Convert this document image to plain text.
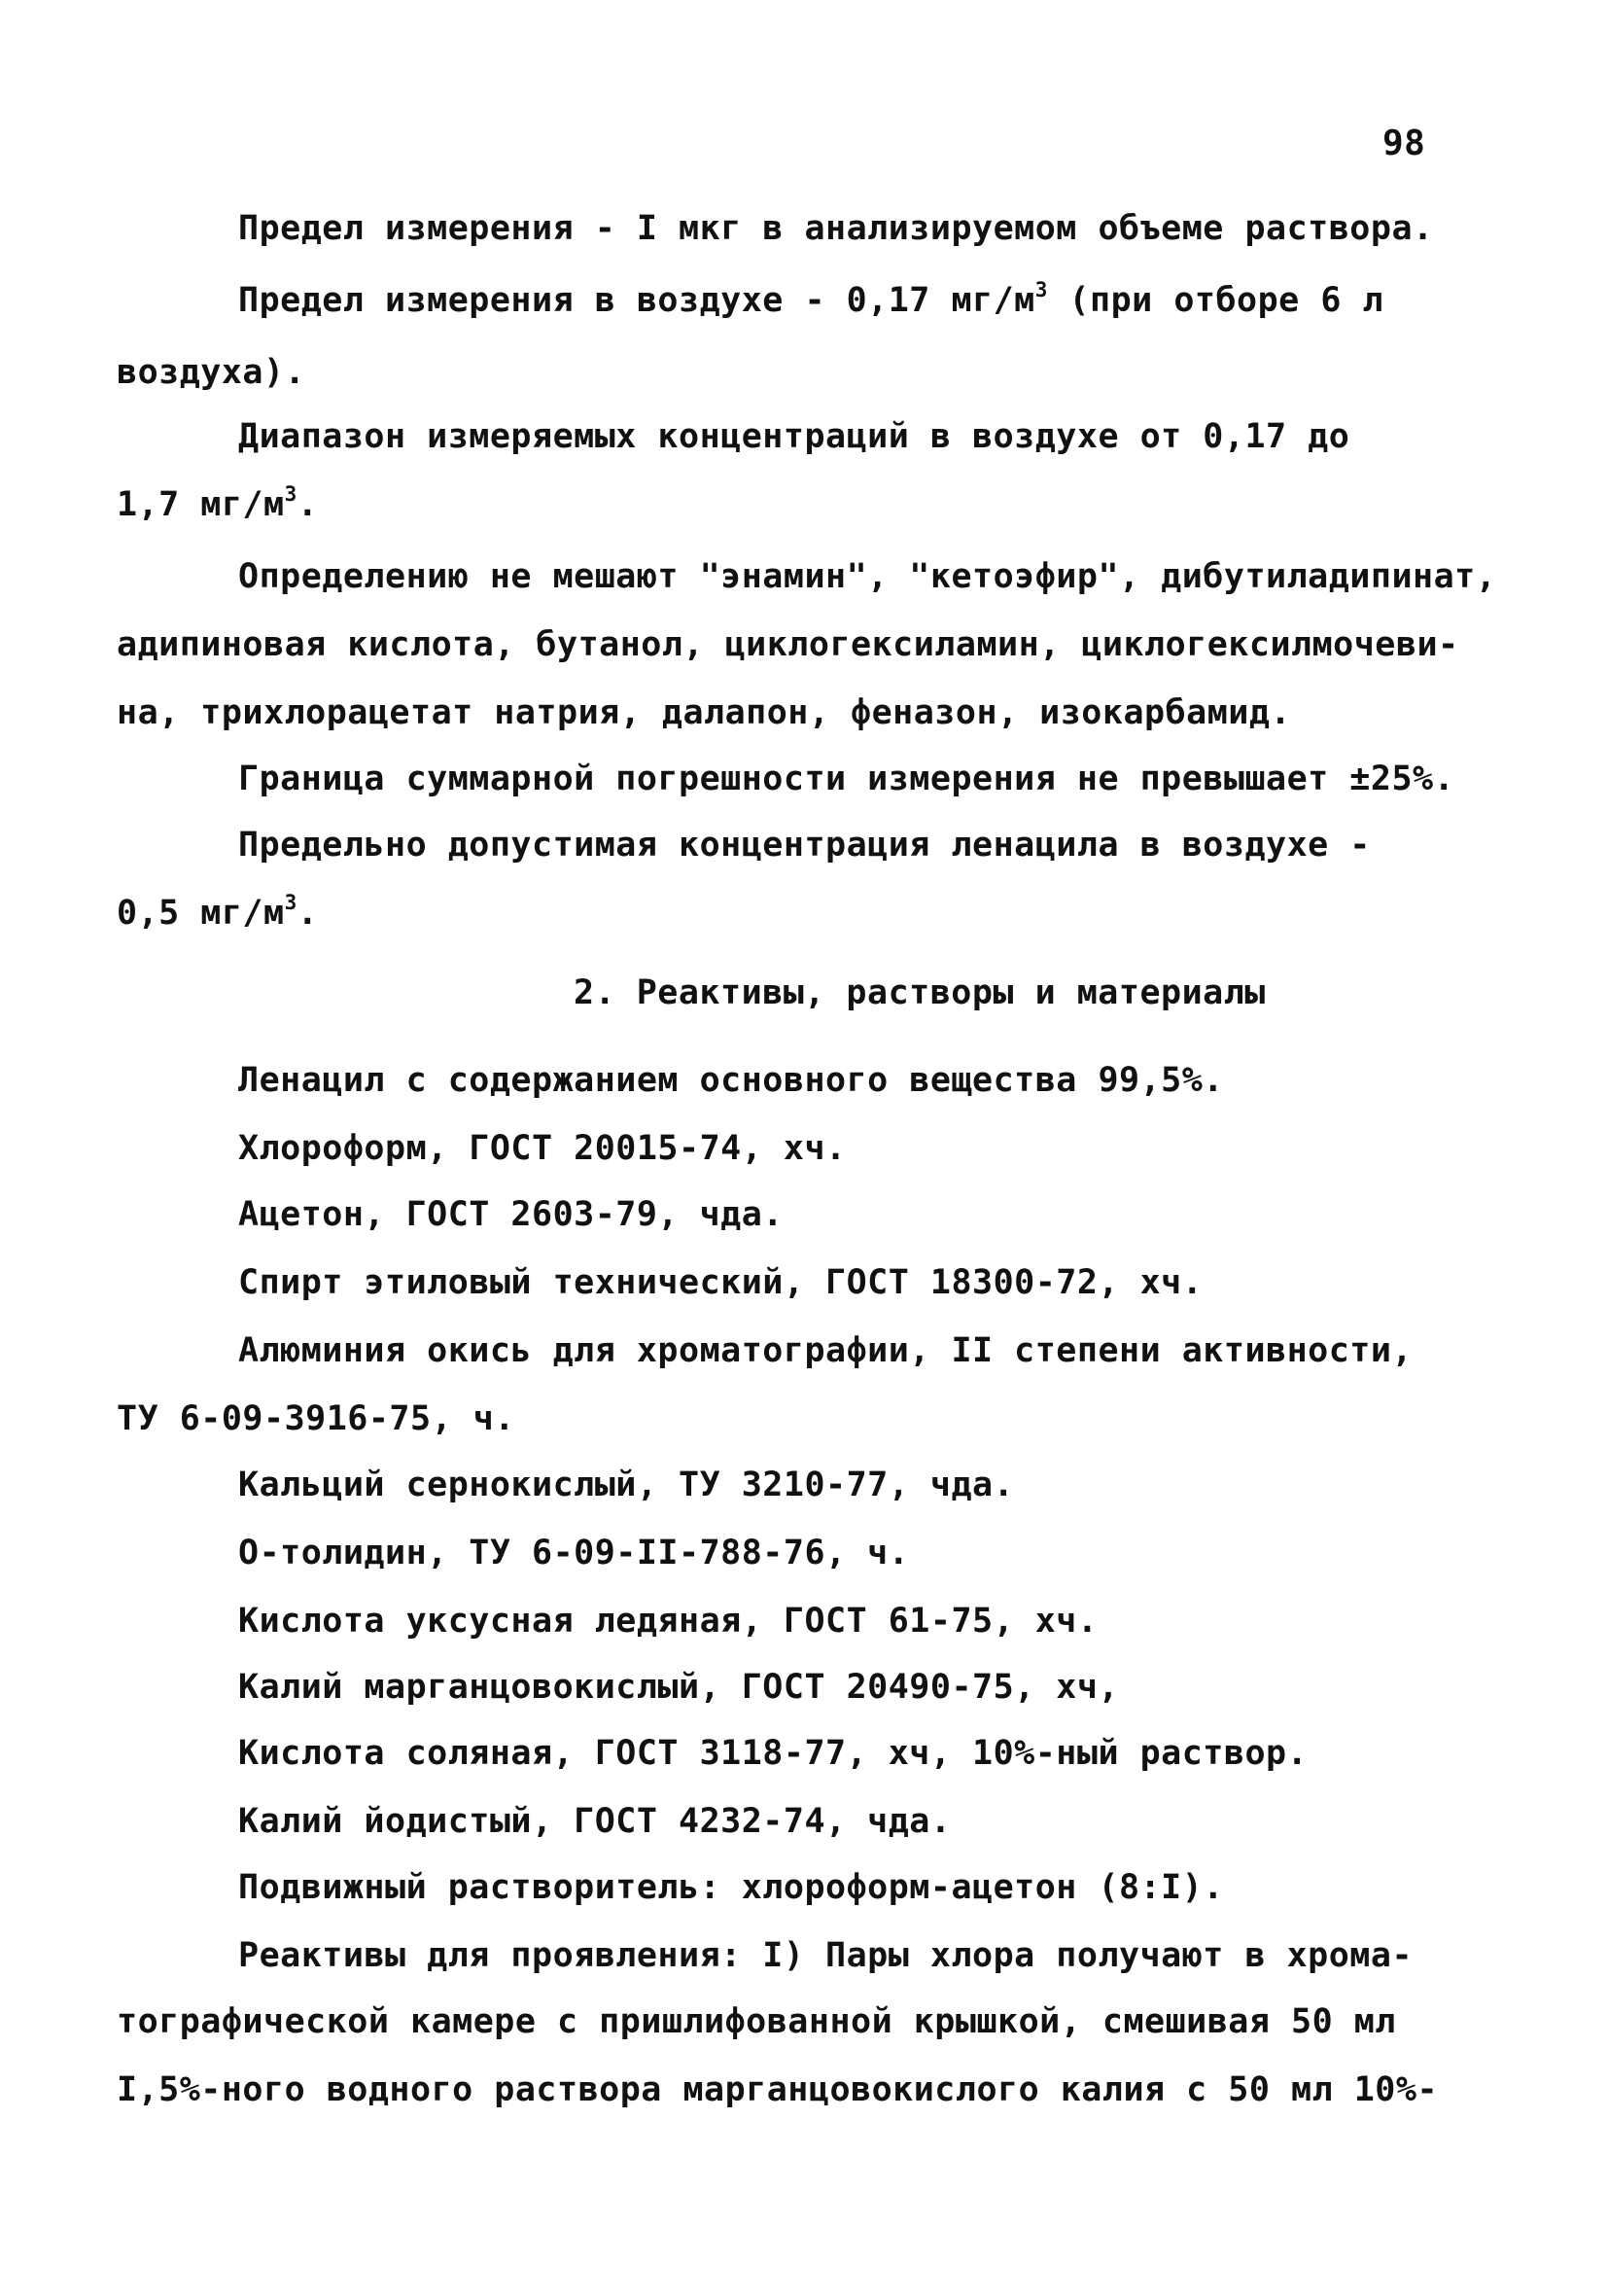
98
Предел измерения - I мкг в анализируемом объеме раствора.
Предел измерения в воздухе - 0,17 $мг/м^3$ (при отборе 6 л
воздуха).
Диапазон измеряемых концентраций в воздухе от 0,17 до
1,7 $мг/м^3$.
Определению не мешают "энамин", "кетоэфир", дибутиладипинат,
адипиновая кислота, бутанол, циклогексиламин, циклогексилмочеви-
на, трихлорацетат натрия, далапон, феназон, изокарбамид.
Граница суммарной погрешности измерения не превышает ±25%.
Предельно допустимая концентрация ленацила в воздухе -
0,5 $мг/м^3$.
2. Реактивы, растворы и материалы
Ленацил с содержанием основного вещества 99,5%.
Хлороформ, ГОСТ 20015-74, хч.
Ацетон, ГОСТ 2603-79, чда.
Спирт этиловый технический, ГОСТ 18300-72, хч.
Алюминия окись для хроматографии, II степени активности,
ТУ 6-09-3916-75, ч.
Кальций сернокислый, ТУ 3210-77, чда.
О-толидин, ТУ 6-09-II-788-76, ч.
Кислота уксусная ледяная, ГОСТ 61-75, хч.
Калий марганцовокислый, ГОСТ 20490-75, хч,
Кислота соляная, ГОСТ 3118-77, хч, 10%-ный раствор.
Калий йодистый, ГОСТ 4232-74, чда.
Подвижный растворитель: хлороформ-ацетон (8:I).
Реактивы для проявления: I) Пары хлора получают в хрома-
тографической камере с пришлифованной крышкой, смешивая 50 мл
I,5%-ного водного раствора марганцовокислого калия с 50 мл 10%-
